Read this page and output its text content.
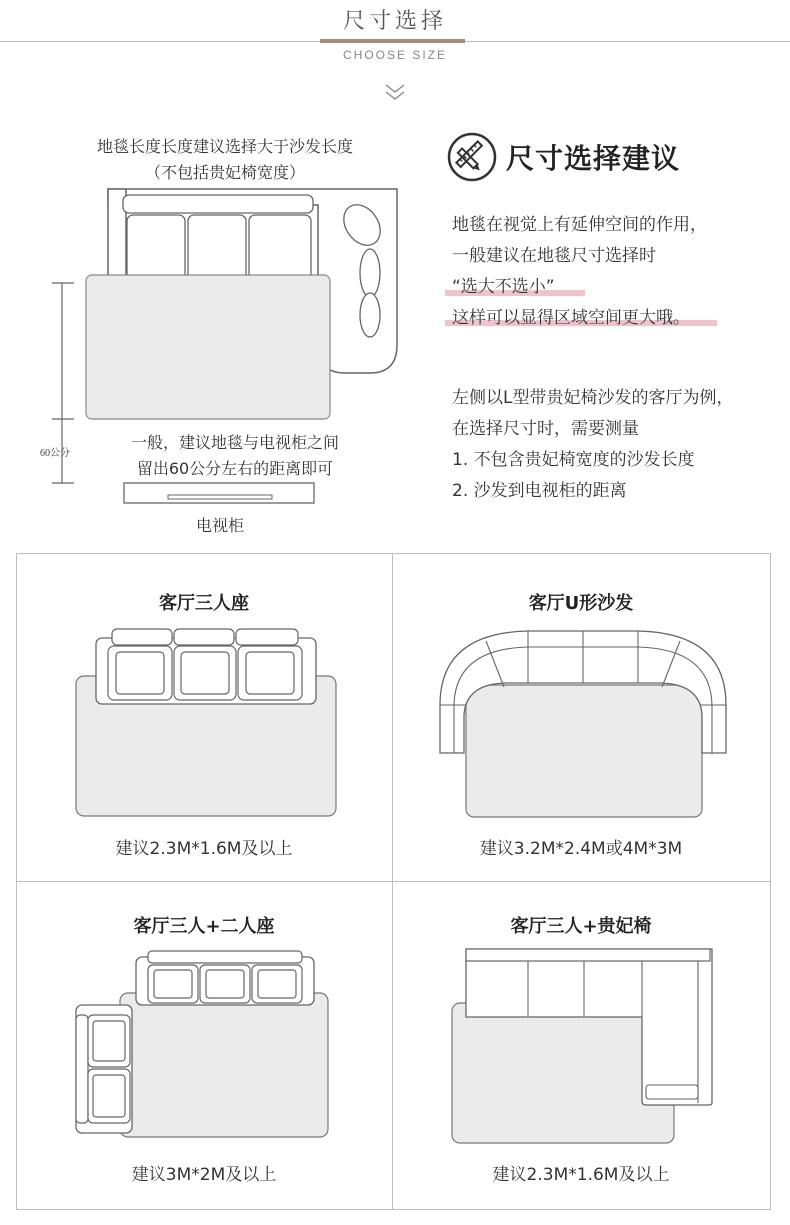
尺寸选择
CHOOSE SIZE
地毯长度长度建议选择大于沙发长度
（不包括贵妃椅宽度）
60公分
一般，建议地毯与电视柜之间
留出60公分左右的距离即可
电视柜
尺寸选择建议
地毯在视觉上有延伸空间的作用，
一般建议在地毯尺寸选择时
“选大不选小”
这样可以显得区域空间更大哦。
左侧以L型带贵妃椅沙发的客厅为例，
在选择尺寸时，需要测量
1. 不包含贵妃椅宽度的沙发长度
2. 沙发到电视柜的距离
客厅三人座
建议2.3M*1.6M及以上
客厅U形沙发
建议3.2M*2.4M或4M*3M
客厅三人+二人座
建议3M*2M及以上
客厅三人+贵妃椅
建议2.3M*1.6M及以上
